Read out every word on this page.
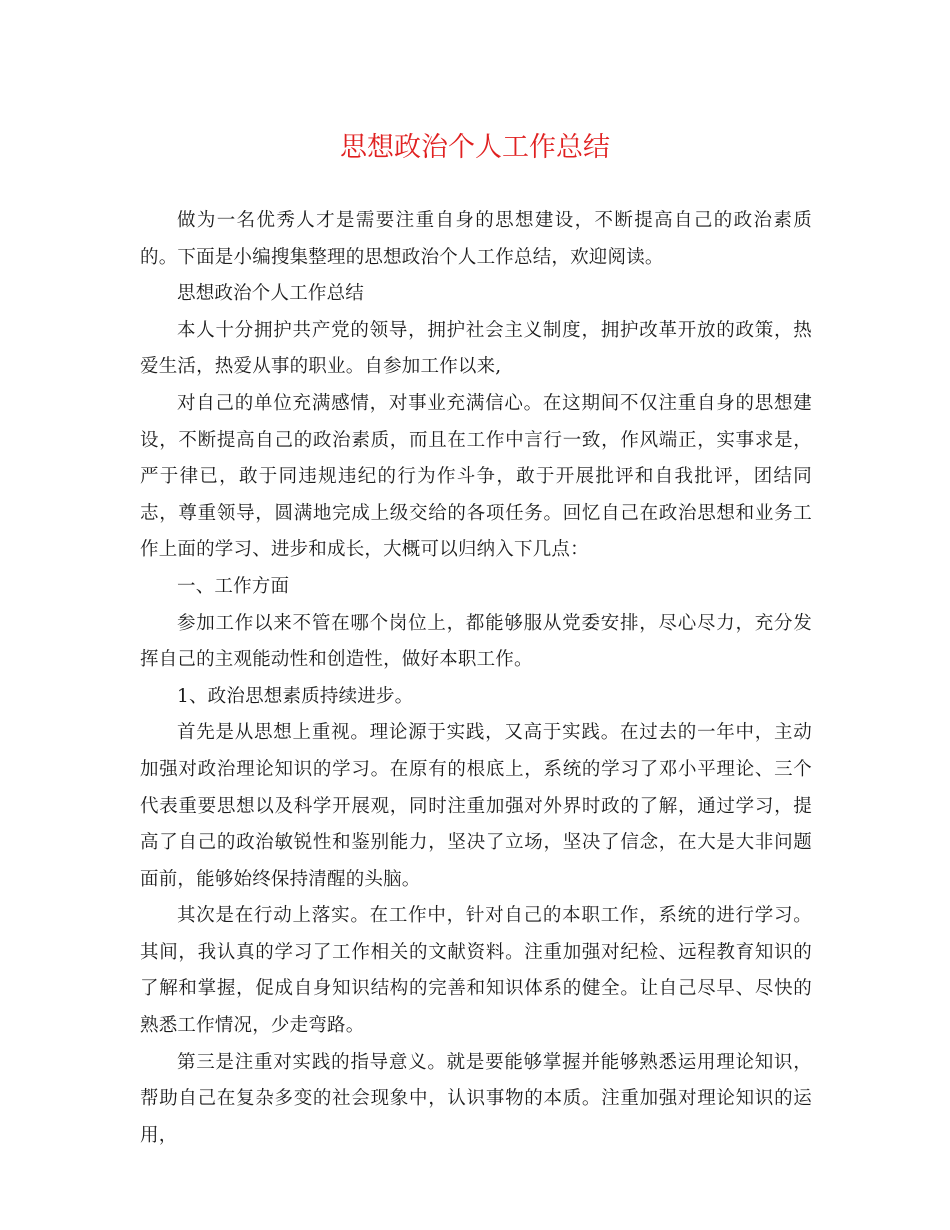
思想政治个人工作总结

做为一名优秀人才是需要注重自身的思想建设，不断提高自己的政治素质的。下面是小编搜集整理的思想政治个人工作总结，欢迎阅读。

思想政治个人工作总结

本人十分拥护共产党的领导，拥护社会主义制度，拥护改革开放的政策，热爱生活，热爱从事的职业。自参加工作以来,

对自己的单位充满感情，对事业充满信心。在这期间不仅注重自身的思想建设，不断提高自己的政治素质，而且在工作中言行一致，作风端正，实事求是，严于律已，敢于同违规违纪的行为作斗争，敢于开展批评和自我批评，团结同志，尊重领导，圆满地完成上级交给的各项任务。回忆自己在政治思想和业务工作上面的学习、进步和成长，大概可以归纳入下几点：

一、工作方面

参加工作以来不管在哪个岗位上，都能够服从党委安排，尽心尽力，充分发挥自己的主观能动性和创造性，做好本职工作。

1、政治思想素质持续进步。

首先是从思想上重视。理论源于实践，又高于实践。在过去的一年中，主动加强对政治理论知识的学习。在原有的根底上，系统的学习了邓小平理论、三个代表重要思想以及科学开展观，同时注重加强对外界时政的了解，通过学习，提高了自己的政治敏锐性和鉴别能力，坚决了立场，坚决了信念，在大是大非问题面前，能够始终保持清醒的头脑。

其次是在行动上落实。在工作中，针对自己的本职工作，系统的进行学习。其间，我认真的学习了工作相关的文献资料。注重加强对纪检、远程教育知识的了解和掌握，促成自身知识结构的完善和知识体系的健全。让自己尽早、尽快的熟悉工作情况，少走弯路。

第三是注重对实践的指导意义。就是要能够掌握并能够熟悉运用理论知识，帮助自己在复杂多变的社会现象中，认识事物的本质。注重加强对理论知识的运用，
